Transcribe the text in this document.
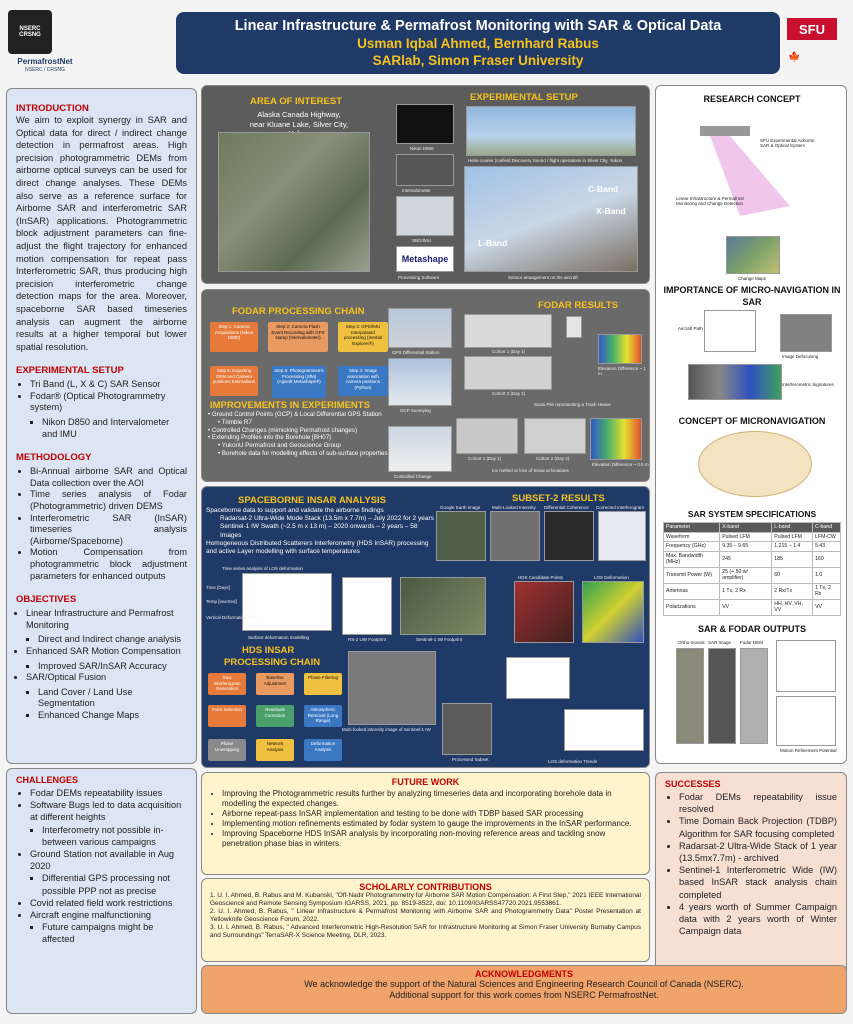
NSERC CRSNG
PermafrostNet
NSERC / CRSNG
SFU
🍁
Linear Infrastructure & Permafrost Monitoring with SAR & Optical Data
Usman Iqbal Ahmed, Bernhard Rabus
SARlab, Simon Fraser University
INTRODUCTION
We aim to exploit synergy in SAR and Optical data for direct / indirect change detection in permafrost areas. High precision photogrammetric DEMs from airborne optical surveys can be used for direct change analyses. These DEMs also serve as a reference surface for Airborne SAR and interferometric SAR (InSAR) applications. Photogrammetric block adjustment parameters can fine-adjust the flight trajectory for enhanced motion compensation for repeat pass Interferometric SAR, thus producing high precision interferometric change detection maps for the area. Moreover, spaceborne SAR based timeseries analysis can augment the airborne results at a higher temporal but lower spatial resolution.
EXPERIMENTAL SETUP
• Tri Band (L, X & C) SAR Sensor
• Fodar® (Optical Photogrammetry system)
▪ Nikon D850 and Intervalometer and IMU
METHODOLOGY
• Bi-Annual airborne SAR and Optical Data collection over the AOI
• Time series analysis of Fodar (Photogrammetric) driven DEMS
• Interferometric SAR (InSAR) timeseries analysis (Airborne/Spaceborne)
• Motion Compensation from photogrammetric block adjustment parameters for enhanced outputs
OBJECTIVES
• Linear Infrastructure and Permafrost Monitoring
▪ Direct and Indirect change analysis
• Enhanced SAR Motion Compensation
▪ Improved SAR/InSAR Accuracy
• SAR/Optical Fusion
▪ Land Cover / Land Use Segmentation
▪ Enhanced Change Maps
AREA OF INTEREST
Alaska Canada Highway,
near Kluane Lake, Silver City,
EXPERIMENTAL SETUP
Nikon D850
Intervalometer
SBG/IMU
Metashape
Processing Software
Helio-courier (Icefield Discovery Sound / flight operations in Silver City, Yukon
C-Band
X-Band
L-Band
Sensor arrangement on the aircraft
FODAR PROCESSING CHAIN
Step 1: Camera Acquisitions (Nikon D850)
Step 2: Camera Flash Event Recording with GPS stamp (Intervalometer)
Step 3: GPS/IMU Interpolated processing (Inertial Explorer®)
Step 4: Image association with camera positions (Python)
Step 5: Photogrammetric Processing (SfM) (Agisoft Metashape®)
Step 6: Exporting DEM and Camera positions Estimations
IMPROVEMENTS IN EXPERIMENTS
• Ground Control Points (GCP) & Local Differential GPS Station
• Trimble R7
• Controlled Changes (mimicking Permafrost changes)
• Extending Profiles into the Borehole [BH07]
• YukonU Permafrost and Geoscience Group
• Borehole data for modelling effects of sub-surface properties
FODAR RESULTS
GPS Differential Station
GCP Surveying
Controlled Change
Cohort 1 (Day 1)
Cohort 2 (Day 1)
Snow Pile representing a Trash Heave
Elevation Difference ~ 1 m
Cohort 1 (Day 1)	Cohort 2 (Day 2)
Ice melted or loss of Snow at locations
Elevation Difference ~ 0.5 m
SPACEBORNE INSAR ANALYSIS
Spaceborne data to support and validate the airborne findings
Radarsat-2 Ultra-Wide Mode Stack (13.5m x 7.7m) – July 2022 for 2 years
Sentinel-1 IW Swath (~2.5 m x 13 m) – 2020 onwards – 2 years – 58 Images
Homogeneous Distributed Scatterers Interferometry (HDS InSAR) processing and active Layer modelling with surface temperatures
Time series analysis of LOS deformation
Time [Days]
Temp [inverted]
Vertical Deformation [mm]
Surface deformation modelling	RS-2 UW Footprint	Sentinel-1 IW Footprint
SUBSET-2 RESULTS
Google Earth Image	Multi-Looked Intensity Differential Coherence Corrected Interferogram
HDS Candidate Points	LOS Deformation
HDS INSAR
PROCESSING CHAIN
Raw Interferogram Generation
Baseline Adjustment
Phase Filtering
Atmospheric Removal (Long Range)
Residuals Correction
Point Selection
Phase Unwrapping
Network Analysis
Deformation Analysis
Multi-looked intensity image of Sentinel-1 IW
Processed Subset	LOS deformation Trends
RESEARCH CONCEPT
SFU Experimental Airborne SAR & Optical System
Linear Infrastructure & Permafrost Monitoring and Change Detection
Change Maps
IMPORTANCE OF MICRO-NAVIGATION IN SAR
Aircraft Path
Image Defocusing
Interferometric Signatures
CONCEPT OF MICRONAVIGATION
SAR SYSTEM SPECIFICATIONS
Parameter	X-band	L-band	C-band
Waveform	Pulsed LFM	Pulsed LFM	LFM-CW
Frequency (GHz)	9.35 – 9.65	1.215 – 1.4	5.43
Max. Bandwidth (MHz)	245	185	160
Transmit Power (W)	25 (+ 50 w/ amplifier)	60	1.0
Antennas	1 Tx, 2 Rx	2 Rx/Tx	1 Tx, 2 Rx
Polarizations	VV	HH, HV, VH, VV	VV
SAR & FODAR OUTPUTS
Ortho-mosaic SAR Image Fodar DEM
Motion Refinement Potential
CHALLENGES
• Fodar DEMs repeatability issues
• Software Bugs led to data acquisition at different heights
▪ Interferometry not possible in-between various campaigns
• Ground Station not available in Aug 2020
▪ Differential GPS processing not possible PPP not as precise
• Covid related field work restrictions
• Aircraft engine malfunctioning
▪ Future campaigns might be affected
FUTURE WORK
• Improving the Photogrammetric results further by analyzing timeseries data and incorporating borehole data in modelling the expected changes.
• Airborne repeat-pass InSAR implementation and testing to be done with TDBP based SAR processing
• Implementing motion refinements estimated by fodar system to gauge the improvements in the InSAR performance.
• Improving Spaceborne HDS InSAR analysis by incorporating non-moving reference areas and tackling snow penetration phase bias in winters.
SCHOLARLY CONTRIBUTIONS
1. U. I. Ahmed, B. Rabus and M. Kubanski, "Off-Nadir Photogrammetry for Airborne SAR Motion Compensation: A First Step," 2021 IEEE International Geoscience and Remote Sensing Symposium IGARSS, 2021, pp. 8519-8522, doi: 10.1109/IGARSS47720.2021.9553861.
2. U. I. Ahmed, B. Rabus, " Linear Infrastructure & Permafrost Monitoring with Airborne SAR and Photogrammetry Data" Poster Presentation at Yellowknife Geoscience Forum, 2022.
3. U. I. Ahmed, B. Rabus, " Advanced Interferometric High-Resolution SAR for Infrastructure Monitoring at Simon Fraser University Burnaby Campus and Surroundings" TerraSAR-X Science Meeting, DLR, 2023.
SUCCESSES
• Fodar DEMs repeatability issue resolved
• Time Domain Back Projection (TDBP) Algorithm for SAR focusing completed
• Radarsat-2 Ultra-Wide Stack of 1 year (13.5mx7.7m) - archived
• Sentinel-1 Interferometric Wide (IW) based InSAR stack analysis chain completed
• 4 years worth of Summer Campaign data with 2 years worth of Winter Campaign data
ACKNOWLEDGMENTS
We acknowledge the support of the Natural Sciences and Engineering Research Council of Canada (NSERC).
Additional support for this work comes from NSERC PermafrostNet.
